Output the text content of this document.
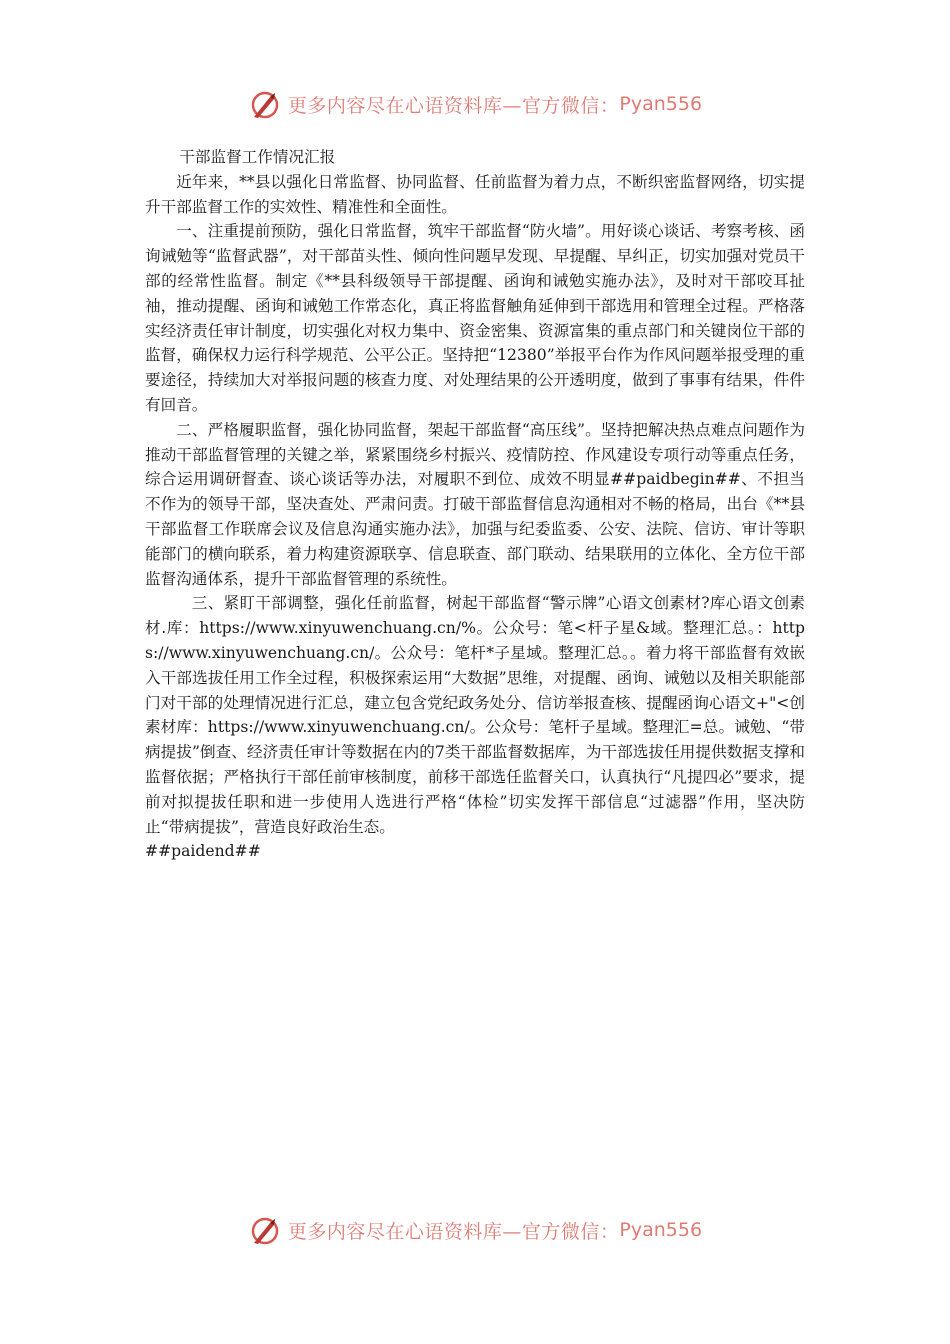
更多内容尽在心语资料库—官方微信： Pyan556

干部监督工作情况汇报

近年来，**县以强化日常监督、协同监督、任前监督为着力点，不断织密监督网络，切实提升干部监督工作的实效性、精准性和全面性。

一、注重提前预防，强化日常监督，筑牢干部监督“防火墙”。用好谈心谈话、考察考核、函询诫勉等“监督武器”，对干部苗头性、倾向性问题早发现、早提醒、早纠正，切实加强对党员干部的经常性监督。制定《**县科级领导干部提醒、函询和诫勉实施办法》，及时对干部咬耳扯袖，推动提醒、函询和诫勉工作常态化，真正将监督触角延伸到干部选用和管理全过程。严格落实经济责任审计制度，切实强化对权力集中、资金密集、资源富集的重点部门和关键岗位干部的监督，确保权力运行科学规范、公平公正。坚持把“12380”举报平台作为作风问题举报受理的重要途径，持续加大对举报问题的核查力度、对处理结果的公开透明度，做到了事事有结果，件件有回音。

二、严格履职监督，强化协同监督，架起干部监督“高压线”。坚持把解决热点难点问题作为推动干部监督管理的关键之举，紧紧围绕乡村振兴、疫情防控、作风建设专项行动等重点任务，综合运用调研督查、谈心谈话等办法，对履职不到位、成效不明显##paidbegin##、不担当不作为的领导干部，坚决查处、严肃问责。打破干部监督信息沟通相对不畅的格局，出台《**县干部监督工作联席会议及信息沟通实施办法》，加强与纪委监委、公安、法院、信访、审计等职能部门的横向联系，着力构建资源联享、信息联查、部门联动、结果联用的立体化、全方位干部监督沟通体系，提升干部监督管理的系统性。

三、紧盯干部调整，强化任前监督，树起干部监督“警示牌”心语文创素材?库心语文创素材.库：https://www.xinyuwenchuang.cn/%。公众号：笔<杆子星&域。整理汇总。：https://www.xinyuwenchuang.cn/。公众号：笔杆*子星域。整理汇总。。着力将干部监督有效嵌入干部选拔任用工作全过程，积极探索运用“大数据”思维，对提醒、函询、诫勉以及相关职能部门对干部的处理情况进行汇总，建立包含党纪政务处分、信访举报查核、提醒函询心语文+"<创素材库：https://www.xinyuwenchuang.cn/。公众号：笔杆子星域。整理汇=总。诫勉、“带病提拔”倒查、经济责任审计等数据在内的7类干部监督数据库，为干部选拔任用提供数据支撑和监督依据；严格执行干部任前审核制度，前移干部选任监督关口，认真执行“凡提四必”要求，提前对拟提拔任职和进一步使用人选进行严格“体检”切实发挥干部信息“过滤器”作用，坚决防止“带病提拔”，营造良好政治生态。

##paidend##

更多内容尽在心语资料库—官方微信： Pyan556
